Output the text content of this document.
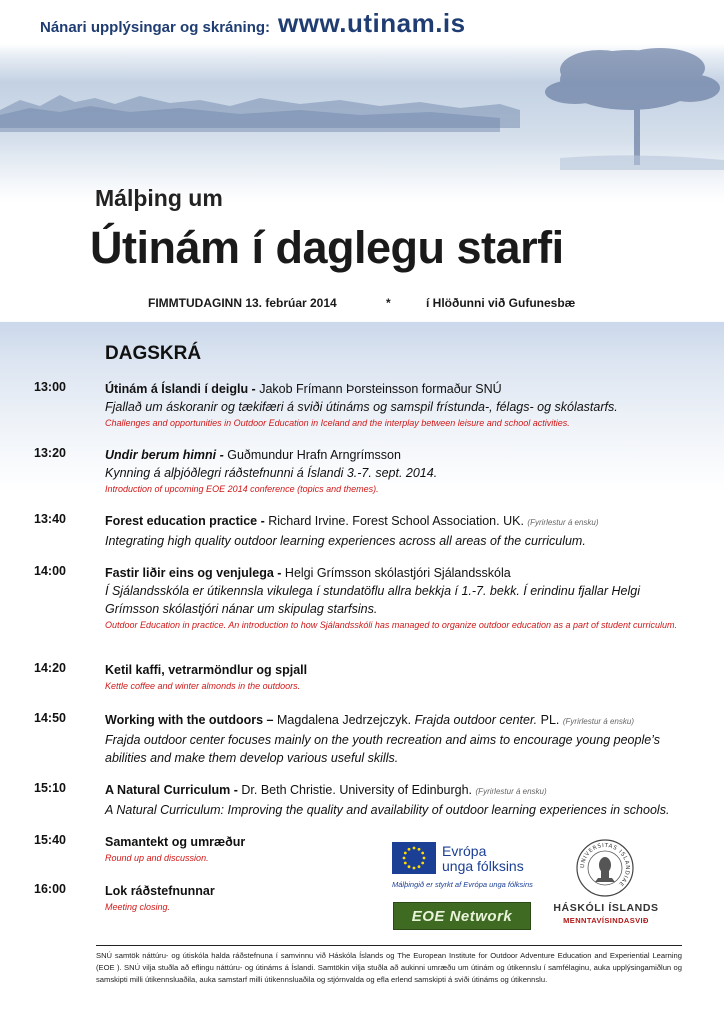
Nánari upplýsingar og skráning: www.utinam.is
Málþing um
Útinám í daglegu starfi
FIMMTUDAGINN 13. febrúar 2014	*	í Hlöðunni við Gufunesbæ
DAGSKRÁ
13:00	Útinám á Íslandi í deiglu - Jakob Frímann Þorsteinsson formaður SNÚ
Fjallað um áskoranir og tækifæri á sviði útináms og samspil frístunda-, félags- og skólastarfs.
Challenges and opportunities in Outdoor Education in Iceland and the interplay between leisure and school activities.
13:20	Undir berum himni - Guðmundur Hrafn Arngrímsson
Kynning á alþjóðlegri ráðstefnunni á Íslandi 3.-7. sept. 2014.
Introduction of upcoming EOE 2014 conference (topics and themes).
13:40	Forest education practice - Richard Irvine. Forest School Association. UK. (Fyrirlestur á ensku)
Integrating high quality outdoor learning experiences across all areas of the curriculum.
14:00	Fastir liðir eins og venjulega - Helgi Grímsson skólastjóri Sjálandsskóla
Í Sjálandsskóla er útikennsla vikulega í stundatöflu allra bekkja í 1.-7. bekk. Í erindinu fjallar Helgi Grímsson skólastjóri nánar um skipulag starfsins.
Outdoor Education in practice. An introduction to how Sjálandsskóli has managed to organize outdoor education as a part of student curriculum.
14:20	Ketil kaffi, vetrarmöndlur og spjall
Kettle coffee and winter almonds in the outdoors.
14:50	Working with the outdoors – Magdalena Jedrzejczyk. Frajda outdoor center. PL. (Fyrirlestur á ensku)
Frajda outdoor center focuses mainly on the youth recreation and aims to encourage young people’s abilities and make them develop various useful skills.
15:10	A Natural Curriculum - Dr. Beth Christie. University of Edinburgh. (Fyrirlestur á ensku)
A Natural Curriculum: Improving the quality and availability of outdoor learning experiences in schools.
15:40	Samantekt og umræður
Round up and discussion.
16:00	Lok ráðstefnunnar
Meeting closing.
Evrópa
unga fólksins
Málþingið er styrkt af Evrópa unga fólksins
EOE Network
UNIVERSITAS ISLANDIAE
HÁSKÓLI ÍSLANDS
MENNTAVÍSINDASVIÐ
SNÚ samtök náttúru- og útiskóla halda ráðstefnuna í samvinnu við Háskóla Íslands og The European Institute for Outdoor Adventure Education and Experiential Learning (EOE ). SNÚ vilja stuðla að eflingu náttúru- og útináms á Íslandi. Samtökin vilja stuðla að aukinni umræðu um útinám og útikennslu í samfélaginu, auka upplýsingamiðlun og samskipti milli útikennsluaðila, auka samstarf milli útikennsluaðila og stjórnvalda og efla erlend samskipti á sviði útináms og útikennslu.
